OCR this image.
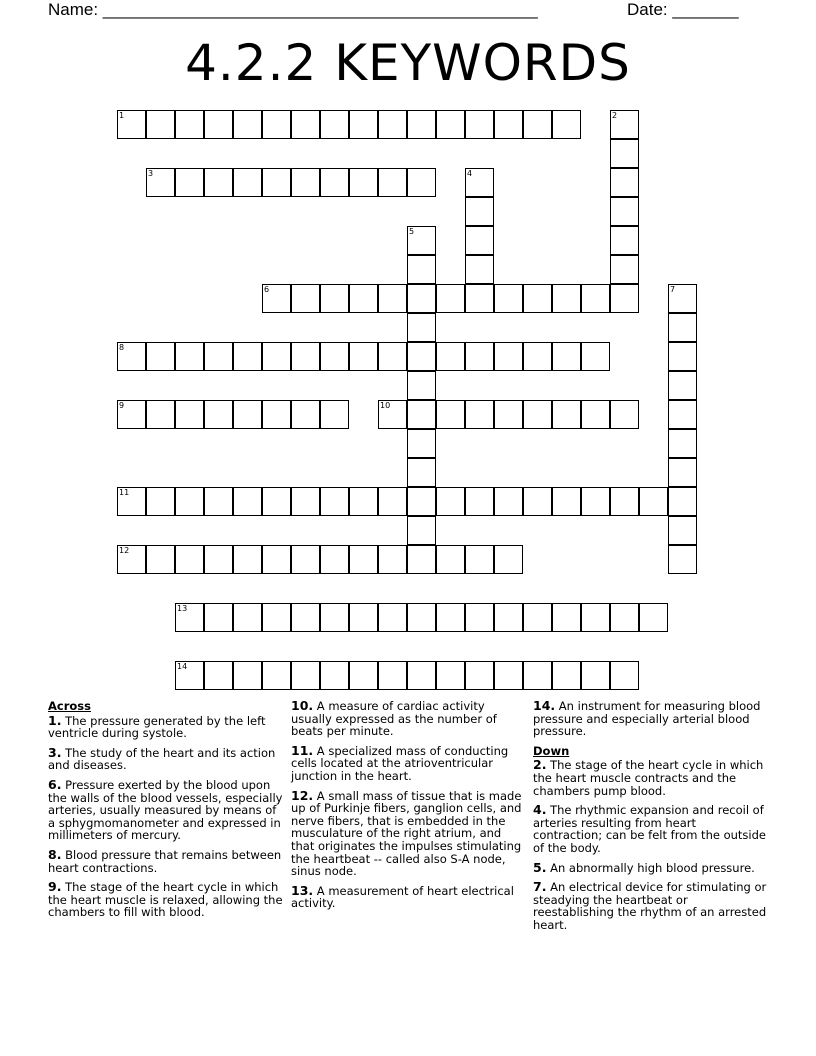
Name: ______________________________________________	Date: _______
4.2.2 KEYWORDS
1	2
3	4
5
6	7
8
9	10
11
12
13
14
Across
1. The pressure generated by the left ventricle during systole.
3. The study of the heart and its action and diseases.
6. Pressure exerted by the blood upon the walls of the blood vessels, especially arteries, usually measured by means of a sphygmomanometer and expressed in millimeters of mercury.
8. Blood pressure that remains between heart contractions.
9. The stage of the heart cycle in which the heart muscle is relaxed, allowing the chambers to fill with blood.
10. A measure of cardiac activity usually expressed as the number of beats per minute.
11. A specialized mass of conducting cells located at the atrioventricular junction in the heart.
12. A small mass of tissue that is made up of Purkinje fibers, ganglion cells, and nerve fibers, that is embedded in the musculature of the right atrium, and that originates the impulses stimulating the heartbeat -- called also S-A node, sinus node.
13. A measurement of heart electrical activity.
14. An instrument for measuring blood pressure and especially arterial blood pressure.
Down
2. The stage of the heart cycle in which the heart muscle contracts and the chambers pump blood.
4. The rhythmic expansion and recoil of arteries resulting from heart contraction; can be felt from the outside of the body.
5. An abnormally high blood pressure.
7. An electrical device for stimulating or steadying the heartbeat or reestablishing the rhythm of an arrested heart.
